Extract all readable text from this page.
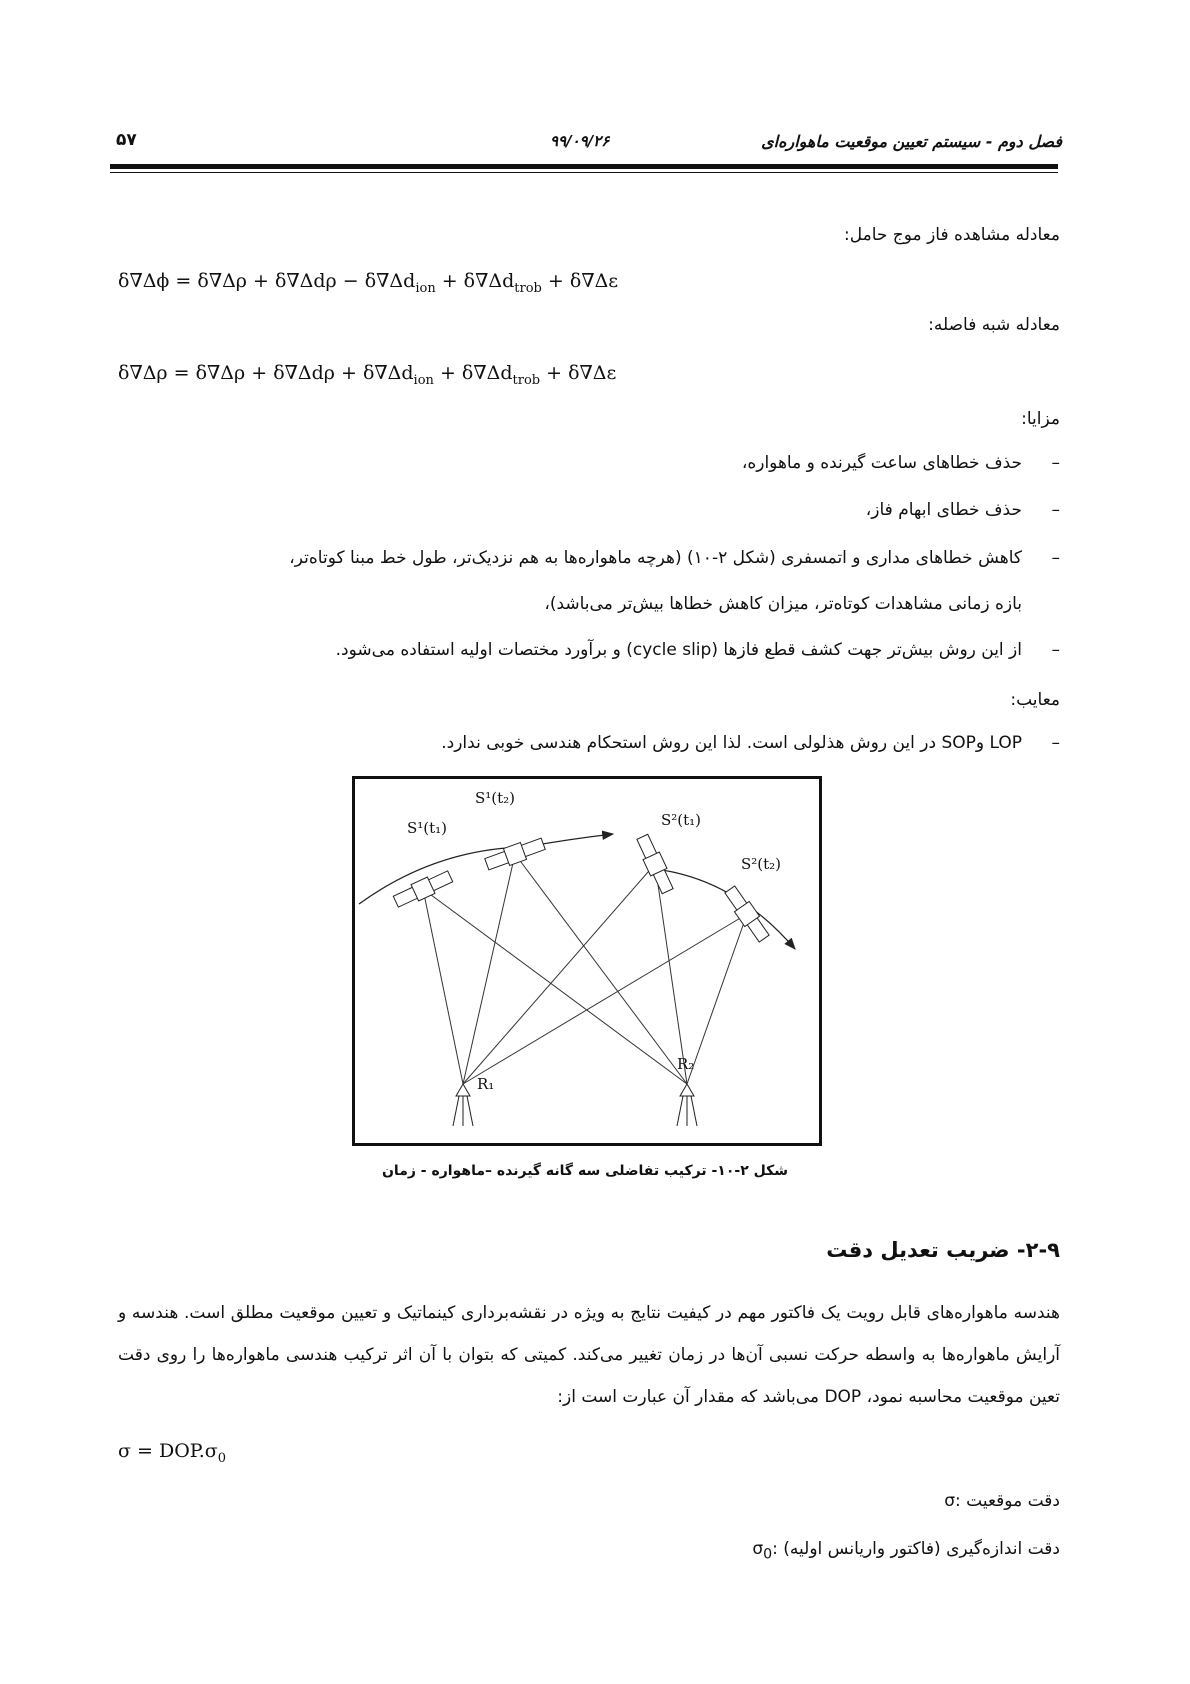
۵۷	۹۹/۰۹/۲۶	فصل دوم - سیستم تعیین موقعیت ماهواره‌ای
معادله مشاهده فاز موج حامل:
$\delta\nabla\Delta\phi = \delta\nabla\Delta\rho + \delta\nabla\Delta d\rho - \delta\nabla\Delta d_{ion} + \delta\nabla\Delta d_{trob} + \delta\nabla\Delta\varepsilon$
معادله شبه فاصله:
$\delta\nabla\Delta\rho = \delta\nabla\Delta\rho + \delta\nabla\Delta d\rho + \delta\nabla\Delta d_{ion} + \delta\nabla\Delta d_{trob} + \delta\nabla\Delta\varepsilon$
مزایا:
–
حذف خطاهای ساعت گیرنده و ماهواره،
–
حذف خطای ابهام فاز،
–
کاهش خطاهای مداری و اتمسفری (شکل ۲-۱۰) (هرچه ماهواره‌ها به هم نزدیک‌تر، طول خط مبنا کوتاه‌تر،
بازه زمانی مشاهدات کوتاه‌تر، میزان کاهش خطاها بیش‌تر می‌باشد)،
–
از این روش بیش‌تر جهت کشف قطع فازها (cycle slip) و برآورد مختصات اولیه استفاده می‌شود.
معایب:
–
LOP وSOP در این روش هذلولی است. لذا این روش استحکام هندسی خوبی ندارد.
S¹(t₁)
S¹(t₂)
S²(t₁)
S²(t₂)
R₁
R₂
شکل ۲-۱۰- ترکیب تفاضلی سه گانه گیرنده –ماهواره - زمان
۲-۹- ضریب تعدیل دقت
هندسه ماهواره‌های قابل رویت یک فاکتور مهم در کیفیت نتایج به ویژه در نقشه‌برداری کینماتیک و تعیین موقعیت مطلق است. هندسه و آرایش ماهواره‌ها به واسطه حرکت نسبی آن‌ها در زمان تغییر می‌کند. کمیتی که بتوان با آن اثر ترکیب هندسی ماهواره‌ها را روی دقت تعین موقعیت محاسبه نمود، DOP می‌باشد که مقدار آن عبارت است از:
$\sigma = DOP.\sigma_0$
σ: دقت موقعیت
$\sigma_0$: دقت اندازه‌گیری (فاکتور واریانس اولیه)
